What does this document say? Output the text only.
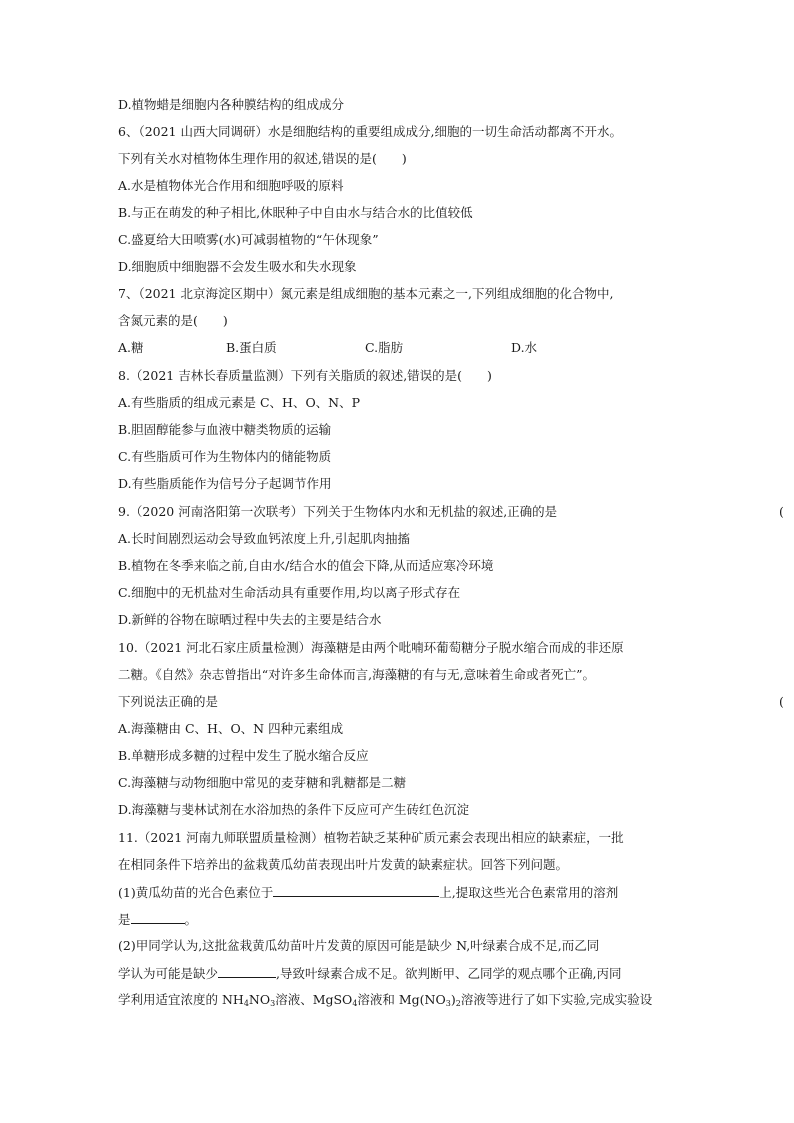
D.植物蜡是细胞内各种膜结构的组成成分
6、（2021 山西大同调研）水是细胞结构的重要组成成分,细胞的一切生命活动都离不开水。
下列有关水对植物体生理作用的叙述,错误的是(　　)
A.水是植物体光合作用和细胞呼吸的原料
B.与正在萌发的种子相比,休眠种子中自由水与结合水的比值较低
C.盛夏给大田喷雾(水)可减弱植物的“午休现象”
D.细胞质中细胞器不会发生吸水和失水现象
7、（2021 北京海淀区期中）氮元素是组成细胞的基本元素之一,下列组成细胞的化合物中,
含氮元素的是(　　)
A.糖	B.蛋白质	C.脂肪	D.水
8.（2021 吉林长春质量监测）下列有关脂质的叙述,错误的是(　　)
A.有些脂质的组成元素是 C、H、O、N、P
B.胆固醇能参与血液中糖类物质的运输
C.有些脂质可作为生物体内的储能物质
D.有些脂质能作为信号分子起调节作用
9.（2020 河南洛阳第一次联考）下列关于生物体内水和无机盐的叙述,正确的是	(
A.长时间剧烈运动会导致血钙浓度上升,引起肌肉抽搐
B.植物在冬季来临之前,自由水/结合水的值会下降,从而适应寒冷环境
C.细胞中的无机盐对生命活动具有重要作用,均以离子形式存在
D.新鲜的谷物在晾晒过程中失去的主要是结合水
10.（2021 河北石家庄质量检测）海藻糖是由两个吡喃环葡萄糖分子脱水缩合而成的非还原
二糖。《自然》杂志曾指出“对许多生命体而言,海藻糖的有与无,意味着生命或者死亡”。
下列说法正确的是	(
A.海藻糖由 C、H、O、N 四种元素组成
B.单糖形成多糖的过程中发生了脱水缩合反应
C.海藻糖与动物细胞中常见的麦芽糖和乳糖都是二糖
D.海藻糖与斐林试剂在水浴加热的条件下反应可产生砖红色沉淀
11.（2021 河南九师联盟质量检测）植物若缺乏某种矿质元素会表现出相应的缺素症，一批
在相同条件下培养出的盆栽黄瓜幼苗表现出叶片发黄的缺素症状。回答下列问题。
(1)黄瓜幼苗的光合色素位于	上,提取这些光合色素常用的溶剂
是	。
(2)甲同学认为,这批盆栽黄瓜幼苗叶片发黄的原因可能是缺少 N,叶绿素合成不足,而乙同
学认为可能是缺少	,导致叶绿素合成不足。欲判断甲、乙同学的观点哪个正确,丙同
学利用适宜浓度的 $NH_4NO_3$溶液、MgSO$_4$溶液和 $Mg(NO_3)_2$溶液等进行了如下实验,完成实验设
